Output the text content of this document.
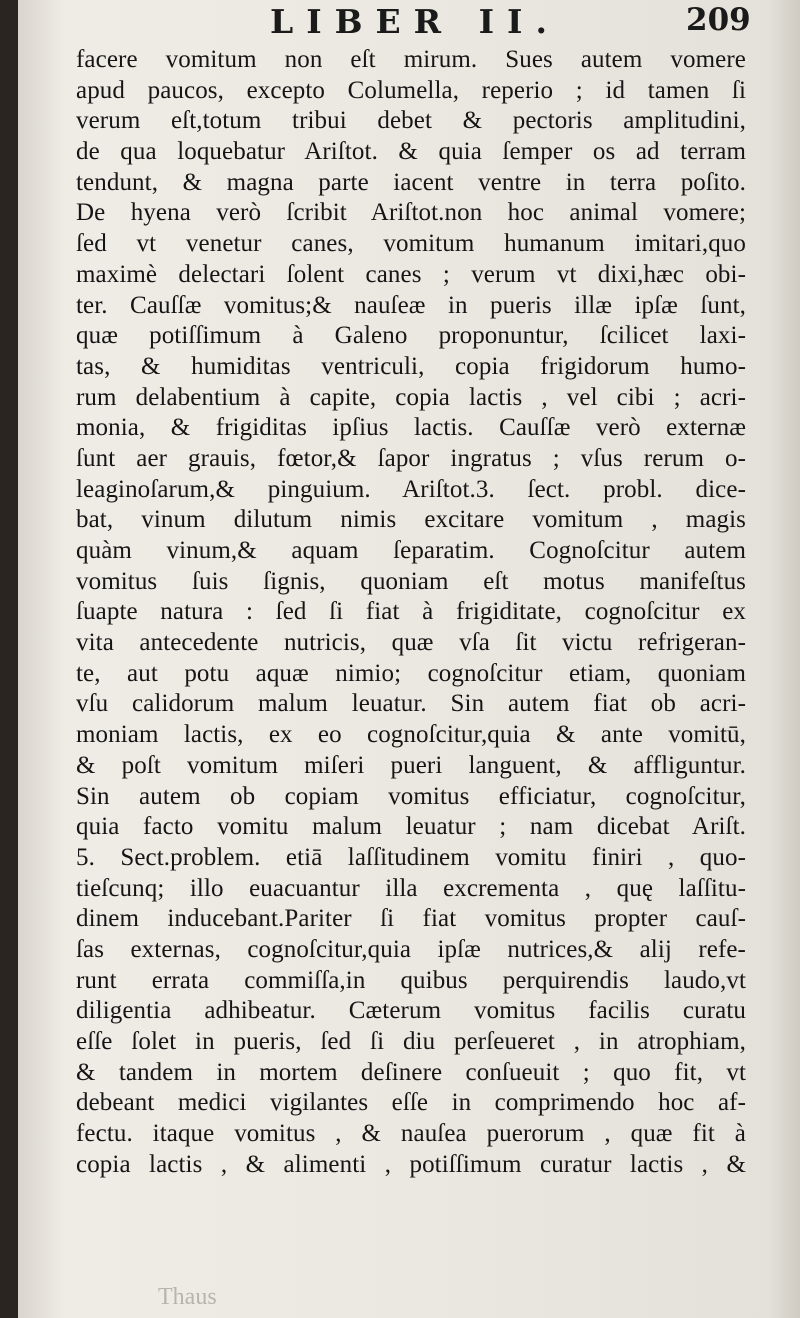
LIBER II.	209
facere vomitum non eſt mirum. Sues autem vomere
apud paucos, excepto Columella, reperio ; id tamen ſi
verum eſt,totum tribui debet & pectoris amplitudini,
de qua loquebatur Ariſtot. & quia ſemper os ad terram
tendunt, & magna parte iacent ventre in terra poſito.
De hyena verò ſcribit Ariſtot.non hoc animal vomere;
ſed vt venetur canes, vomitum humanum imitari,quo
maximè delectari ſolent canes ; verum vt dixi,hæc obi-
ter. Cauſſæ vomitus;& nauſeæ in pueris illæ ipſæ ſunt,
quæ potiſſimum à Galeno proponuntur, ſcilicet laxi-
tas, & humiditas ventriculi, copia frigidorum humo-
rum delabentium à capite, copia lactis , vel cibi ; acri-
monia, & frigiditas ipſius lactis. Cauſſæ verò externæ
ſunt aer grauis, fœtor,& ſapor ingratus ; vſus rerum o-
leaginoſarum,& pinguium. Ariſtot.3. ſect. probl. dice-
bat, vinum dilutum nimis excitare vomitum , magis
quàm vinum,& aquam ſeparatim. Cognoſcitur autem
vomitus ſuis ſignis, quoniam eſt motus manifeſtus
ſuapte natura : ſed ſi fiat à frigiditate, cognoſcitur ex
vita antecedente nutricis, quæ vſa ſit victu refrigeran-
te, aut potu aquæ nimio; cognoſcitur etiam, quoniam
vſu calidorum malum leuatur. Sin autem fiat ob acri-
moniam lactis, ex eo cognoſcitur,quia & ante vomitū,
& poſt vomitum miſeri pueri languent, & affliguntur.
Sin autem ob copiam vomitus efficiatur, cognoſcitur,
quia facto vomitu malum leuatur ; nam dicebat Ariſt.
5. Sect.problem. etiā laſſitudinem vomitu finiri , quo-
tieſcunq; illo euacuantur illa excrementa , quę laſſitu-
dinem inducebant.Pariter ſi fiat vomitus propter cauſ-
ſas externas, cognoſcitur,quia ipſæ nutrices,& alij refe-
runt errata commiſſa,in quibus perquirendis laudo,vt
diligentia adhibeatur. Cæterum vomitus facilis curatu
eſſe ſolet in pueris, ſed ſi diu perſeueret , in atrophiam,
& tandem in mortem deſinere conſueuit ; quo fit, vt
debeant medici vigilantes eſſe in comprimendo hoc af-
fectu. itaque vomitus , & nauſea puerorum , quæ fit à
copia lactis , & alimenti , potiſſimum curatur lactis , &
Thaus
